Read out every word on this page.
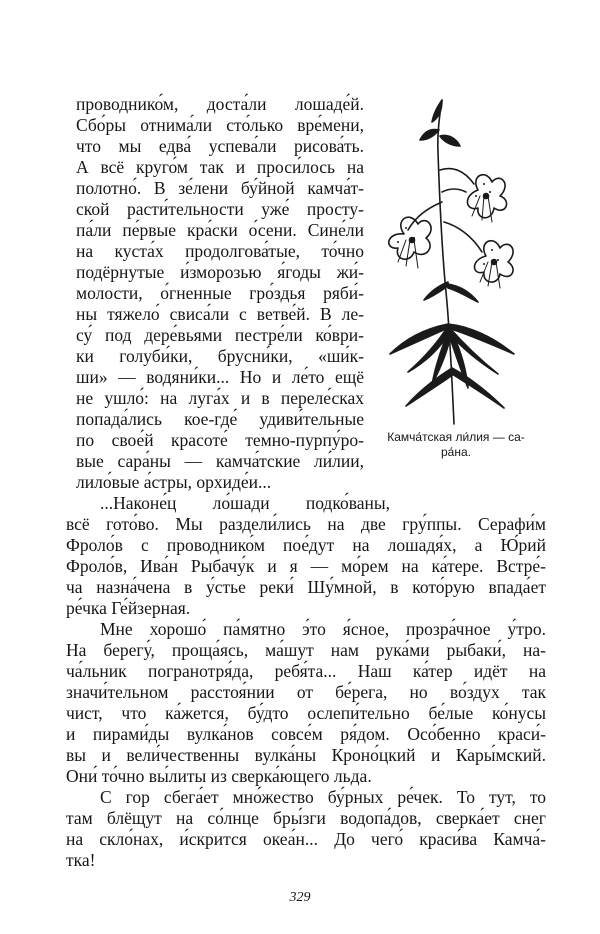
проводнико́м, доста́ли лошаде́й.

Сбо́ры отнима́ли сто́лько вре́мени,

что мы едва́ успева́ли рисова́ть.

А всё круго́м так и проси́лось на

полотно́. В зе́лени бу́йной камча́т-

ской расти́тельности уже́ просту-

па́ли пе́рвые кра́ски о́сени. Сине́ли

на куста́х продолгова́тые, то́чно

подёрнутые и́зморозью я́годы жи́-

молости, о́гненные гро́здья ряби́-

ны тяжело́ свиса́ли с ветве́й. В ле-

су́ под дере́вьями пестре́ли ко́ври-

ки голуби́ки, брусни́ки, «ши́к-

ши» — водяни́ки... Но и ле́то ещё

не ушло́: на луга́х и в переле́сках

попада́лись кое-где́ удиви́тельные

по свое́й красоте́ темно-пурпу́ро-

вые сара́ны — камча́тские ли́лии,

лило́вые а́стры, орхиде́и...

Камча́тская ли́лия — са-
ра́на.

...Наконе́ц ло́шади подко́ваны,

всё гото́во. Мы раздели́лись на две гру́ппы. Серафи́м

Фроло́в с проводнико́м пое́дут на лошадя́х, а Ю́рий

Фроло́в, Ива́н Рыбачу́к и я — мо́рем на ка́тере. Встре́-

ча назна́чена в у́стье реки́ Шу́мной, в кото́рую впада́ет

ре́чка Ге́йзерная.

Мне хорошо́ па́мятно э́то я́сное, прозра́чное у́тро.

На берегу́, проща́ясь, ма́шут нам рука́ми рыбаки́, на-

ча́льник погранотря́да, ребя́та... Наш ка́тер идёт на

значи́тельном расстоя́нии от бе́рега, но во́здух так

чист, что ка́жется, бу́дто ослепи́тельно бе́лые ко́нусы

и пирами́ды вулка́нов совсе́м ря́дом. Осо́бенно краси́-

вы и вели́чественны вулка́ны Кроно́цкий и Кары́мский.

Они́ то́чно вы́литы из сверка́ющего льда.

С гор сбега́ет мно́жество бу́рных ре́чек. То тут, то

там блёщут на со́лнце бры́зги водопа́дов, сверка́ет снег

на скло́нах, и́скрится океа́н... До чего́ краси́ва Камча́-

тка!

329
